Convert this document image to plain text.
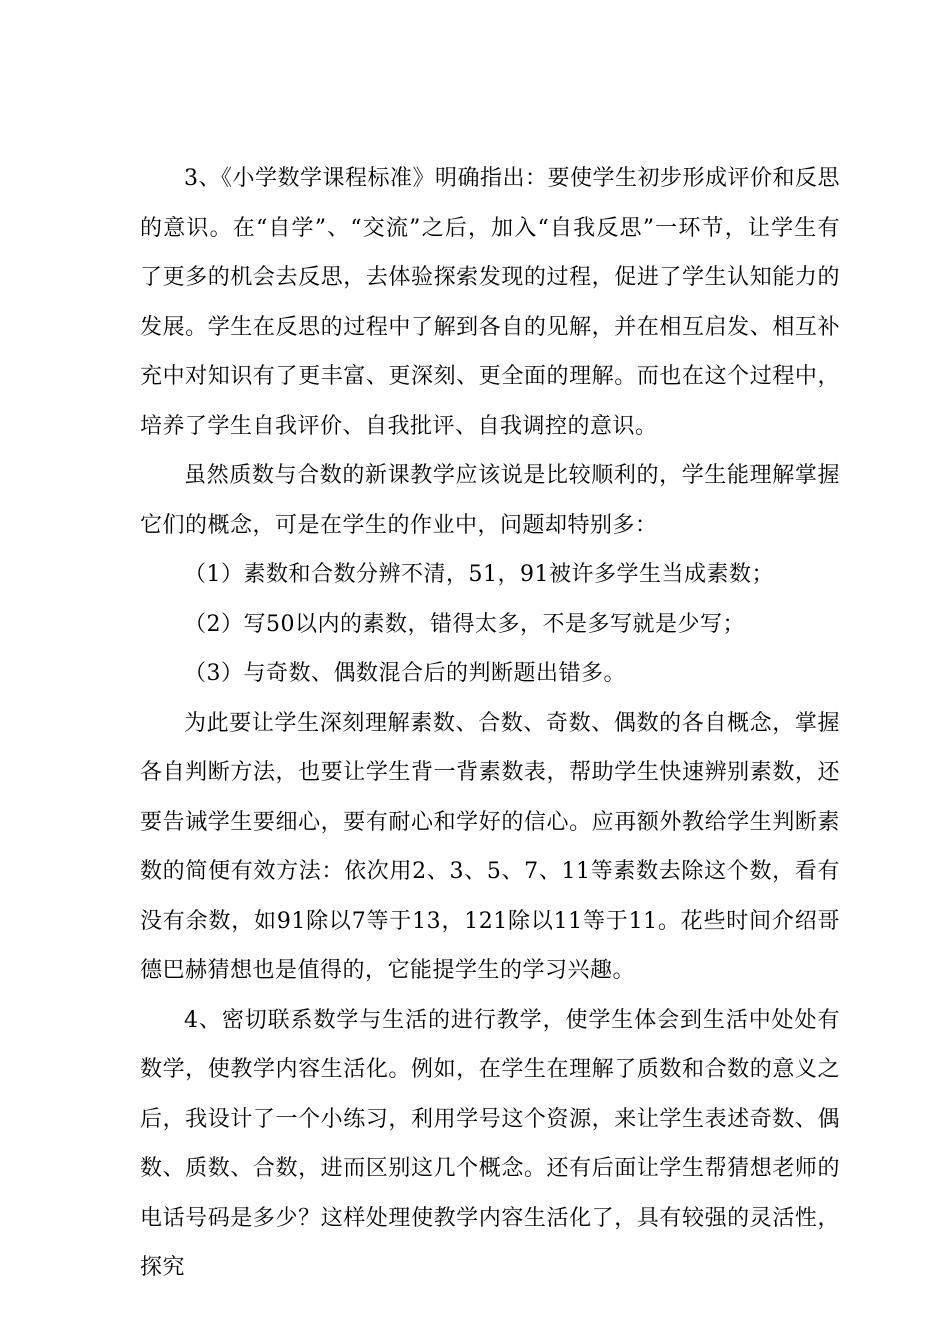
3、《小学数学课程标准》明确指出：要使学生初步形成评价和反思的意识。在“自学”、“交流”之后，加入“自我反思”一环节，让学生有了更多的机会去反思，去体验探索发现的过程，促进了学生认知能力的发展。学生在反思的过程中了解到各自的见解，并在相互启发、相互补充中对知识有了更丰富、更深刻、更全面的理解。而也在这个过程中，培养了学生自我评价、自我批评、自我调控的意识。

虽然质数与合数的新课教学应该说是比较顺利的，学生能理解掌握它们的概念，可是在学生的作业中，问题却特别多：

（1）素数和合数分辨不清，51，91被许多学生当成素数；

（2）写50以内的素数，错得太多，不是多写就是少写；

（3）与奇数、偶数混合后的判断题出错多。

为此要让学生深刻理解素数、合数、奇数、偶数的各自概念，掌握各自判断方法，也要让学生背一背素数表，帮助学生快速辨别素数，还要告诫学生要细心，要有耐心和学好的信心。应再额外教给学生判断素数的简便有效方法：依次用2、3、5、7、11等素数去除这个数，看有没有余数，如91除以7等于13，121除以11等于11。花些时间介绍哥德巴赫猜想也是值得的，它能提学生的学习兴趣。

4、密切联系数学与生活的进行教学，使学生体会到生活中处处有数学，使教学内容生活化。例如，在学生在理解了质数和合数的意义之后，我设计了一个小练习，利用学号这个资源，来让学生表述奇数、偶数、质数、合数，进而区别这几个概念。还有后面让学生帮猜想老师的电话号码是多少？这样处理使教学内容生活化了，具有较强的灵活性，探究
